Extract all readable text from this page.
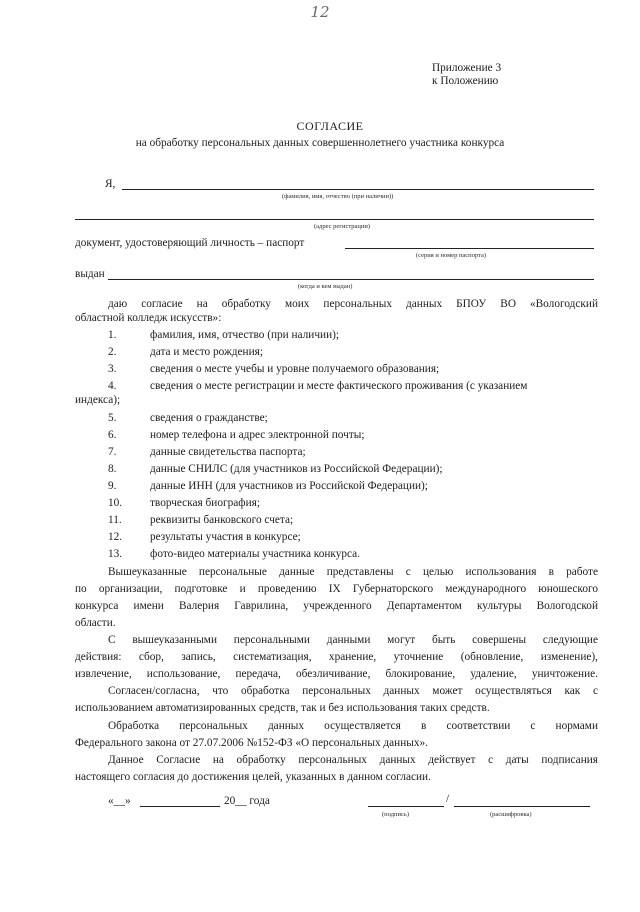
12
Приложение 3
к Положению
СОГЛАСИЕ
на обработку персональных данных совершеннолетнего участника конкурса
Я,
(фамилия, имя, отчество (при наличии))
(адрес регистрации)
документ, удостоверяющий личность – паспорт
(серия и номер паспорта)
выдан
(когда и кем выдан)
даю согласие на обработку моих персональных данных БПОУ ВО «Вологодский
областной колледж искусств»:
1.	фамилия, имя, отчество (при наличии);
2.	дата и место рождения;
3.	сведения о месте учебы и уровне получаемого образования;
4.	сведения о месте регистрации и месте фактического проживания (с указанием
индекса);
5.	сведения о гражданстве;
6.	номер телефона и адрес электронной почты;
7.	данные свидетельства паспорта;
8.	данные СНИЛС (для участников из Российской Федерации);
9.	данные ИНН (для участников из Российской Федерации);
10. творческая биография;
11.	реквизиты банковского счета;
12. результаты участия в конкурсе;
13. фото-видео материалы участника конкурса.
Вышеуказанные персональные данные представлены с целью использования в работе
по организации, подготовке и проведению IX Губернаторского международного юношеского
конкурса имени Валерия Гаврилина, учрежденного Департаментом культуры Вологодской
области.
С вышеуказанными персональными данными могут быть совершены следующие
действия: сбор, запись, систематизация, хранение, уточнение (обновление, изменение),
извлечение, использование, передача, обезличивание, блокирование, удаление, уничтожение.
Согласен/согласна, что обработка персональных данных может осуществляться как с
использованием автоматизированных средств, так и без использования таких средств.
Обработка персональных данных осуществляется в соответствии с нормами
Федерального закона от 27.07.2006 №152-ФЗ «О персональных данных».
Данное Согласие на обработку персональных данных действует с даты подписания
настоящего согласия до достижения целей, указанных в данном согласии.
«__»	20__ года	/
(подпись)	(расшифровка)
